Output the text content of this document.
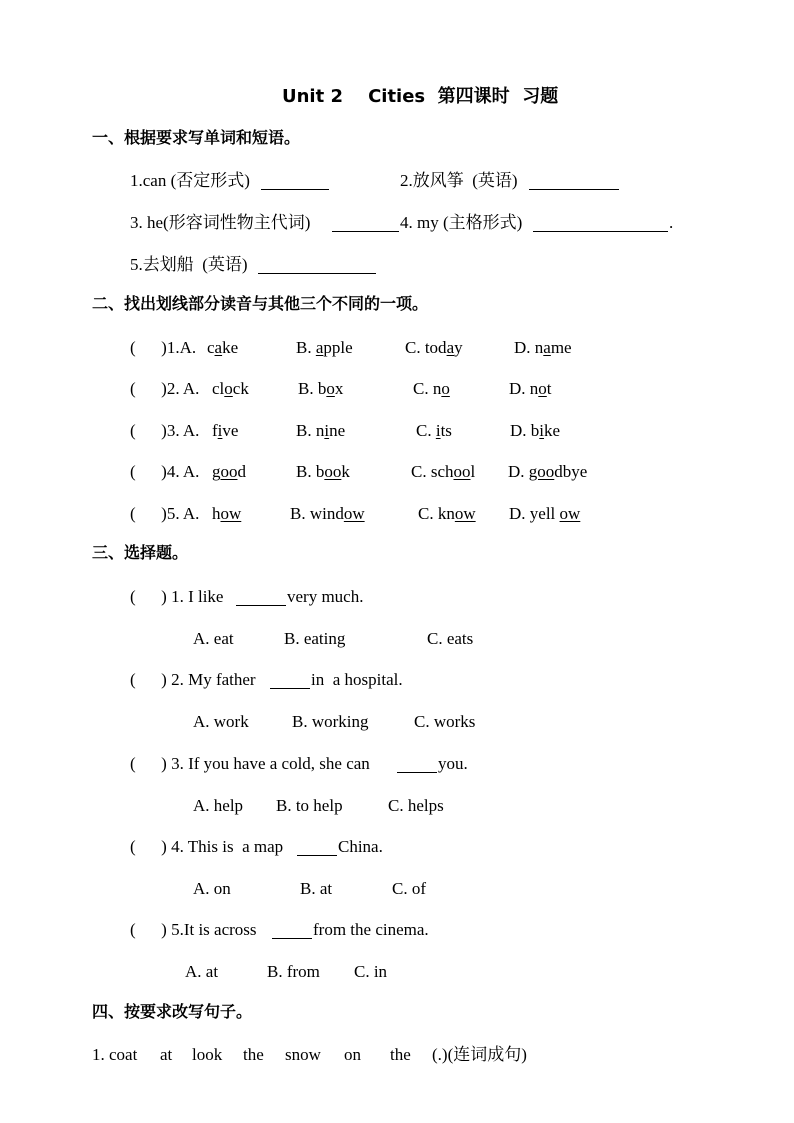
Unit 2    Cities  第四课时  习题
一、根据要求写单词和短语。
1.can (否定形式)	2.放风筝  (英语)
3. he(形容词性物主代词)	4. my (主格形式)	.
5.去划船  (英语)
二、找出划线部分读音与其他三个不同的一项。
(      )1.A. cake	B. apple	C. today	D. name
(      )2. A. clock	B. box	C. no	D. not
(      )3. A. five	B. nine	C. its	D. bike
(      )4. A. good	B. book	C. school D. goodbye
(      )5. A. how	B. window	C. know D. yell ow
三、选择题。
(      ) 1. I like	very much.
A. eat	B. eating	C. eats
(      ) 2. My father	in  a hospital.
A. work	B. working	C. works
(      ) 3. If you have a cold, she can	you.
A. help B. to help	C. helps
(      ) 4. This is  a map	China.
A. on	B. at	C. of
(      ) 5.It is across	from the cinema.
A. at	B. from C. in
四、按要求改写句子。
1. coat at look the snow on the (.)(连词成句)
